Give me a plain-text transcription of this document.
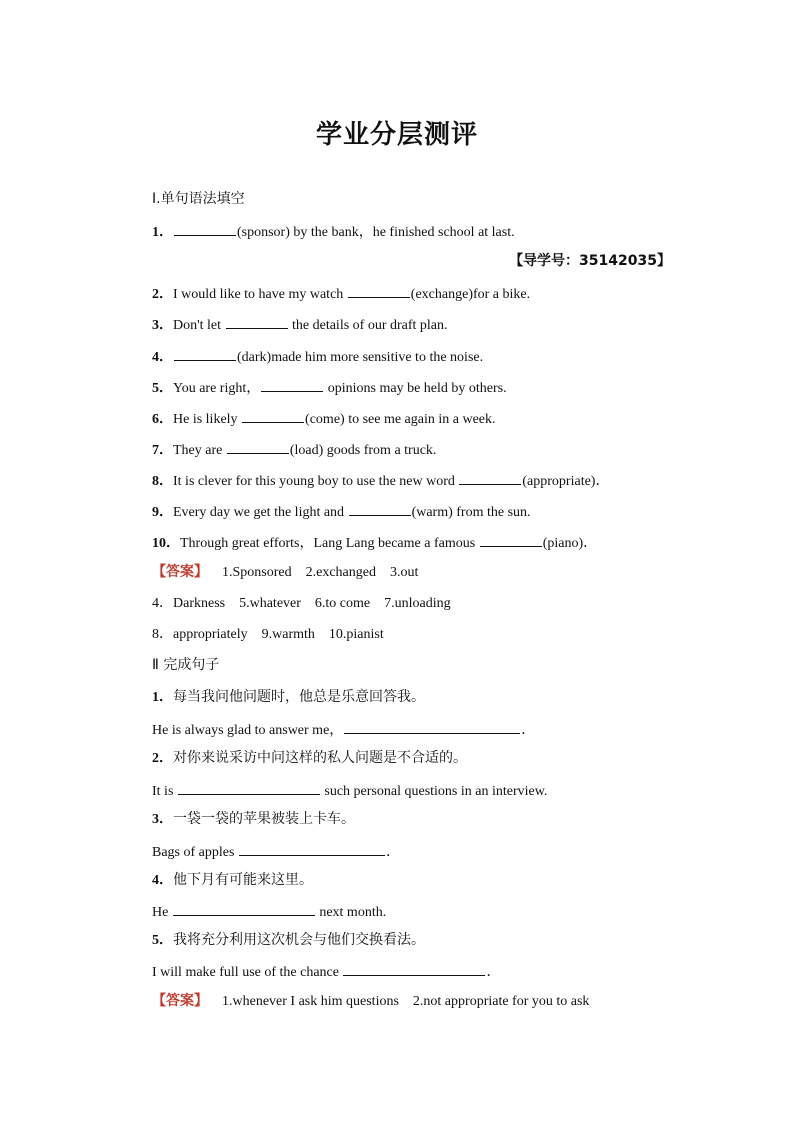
学业分层测评
Ⅰ.单句语法填空
1．	(sponsor) by the bank，he finished school at last.
【导学号：35142035】
2．I would like to have my watch	(exchange)for a bike.
3．Don't let	the details of our draft plan.
4．	(dark)made him more sensitive to the noise.
5．You are right，	opinions may be held by others.
6．He is likely	(come) to see me again in a week.
7．They are	(load) goods from a truck.
8．It is clever for this young boy to use the new word	(appropriate)．
9．Every day we get the light and	(warm) from the sun.
10．Through great efforts，Lang Lang became a famous	(piano)．
【答案】 1.Sponsored 2.exchanged 3.out
4．Darkness 5.whatever 6.to come 7.unloading
8．appropriately 9.warmth 10.pianist
Ⅱ 完成句子
1．每当我问他问题时，他总是乐意回答我。
He is always glad to answer me，	．
2．对你来说采访中问这样的私人问题是不合适的。
It is	such personal questions in an interview.
3．一袋一袋的苹果被装上卡车。
Bags of apples	．
4．他下月有可能来这里。
He	next month.
5．我将充分利用这次机会与他们交换看法。
I will make full use of the chance	．
【答案】 1.whenever I ask him questions 2.not appropriate for you to ask
